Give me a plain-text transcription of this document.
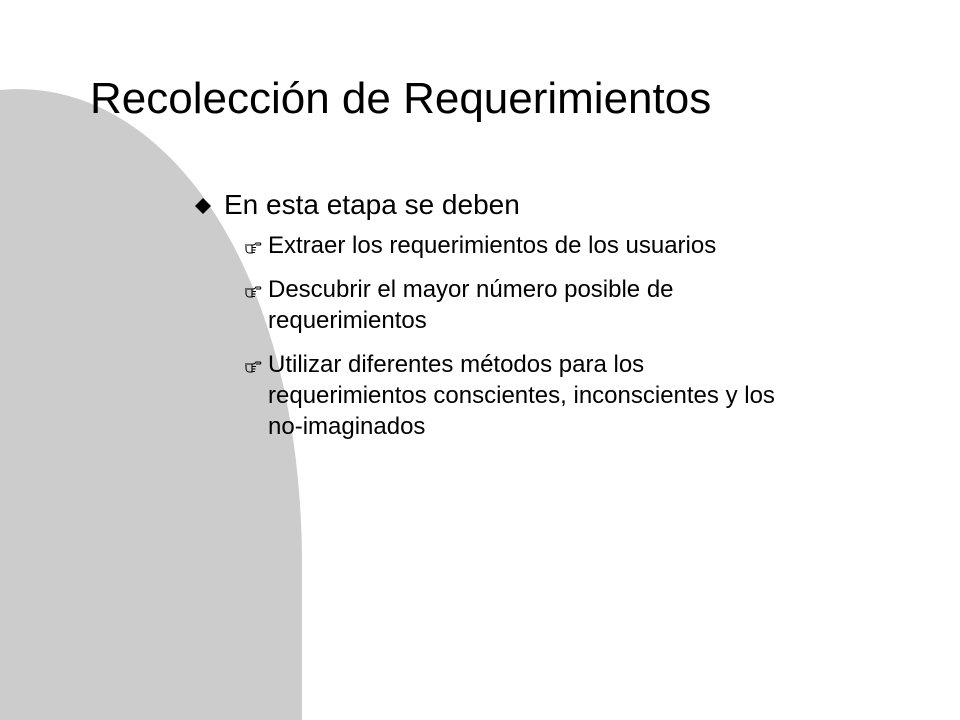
Recolección de Requerimientos
En esta etapa se deben
Extraer los requerimientos de los usuarios
Descubrir el mayor número posible de requerimientos
Utilizar diferentes métodos para los requerimientos conscientes, inconscientes y los no-imaginados
